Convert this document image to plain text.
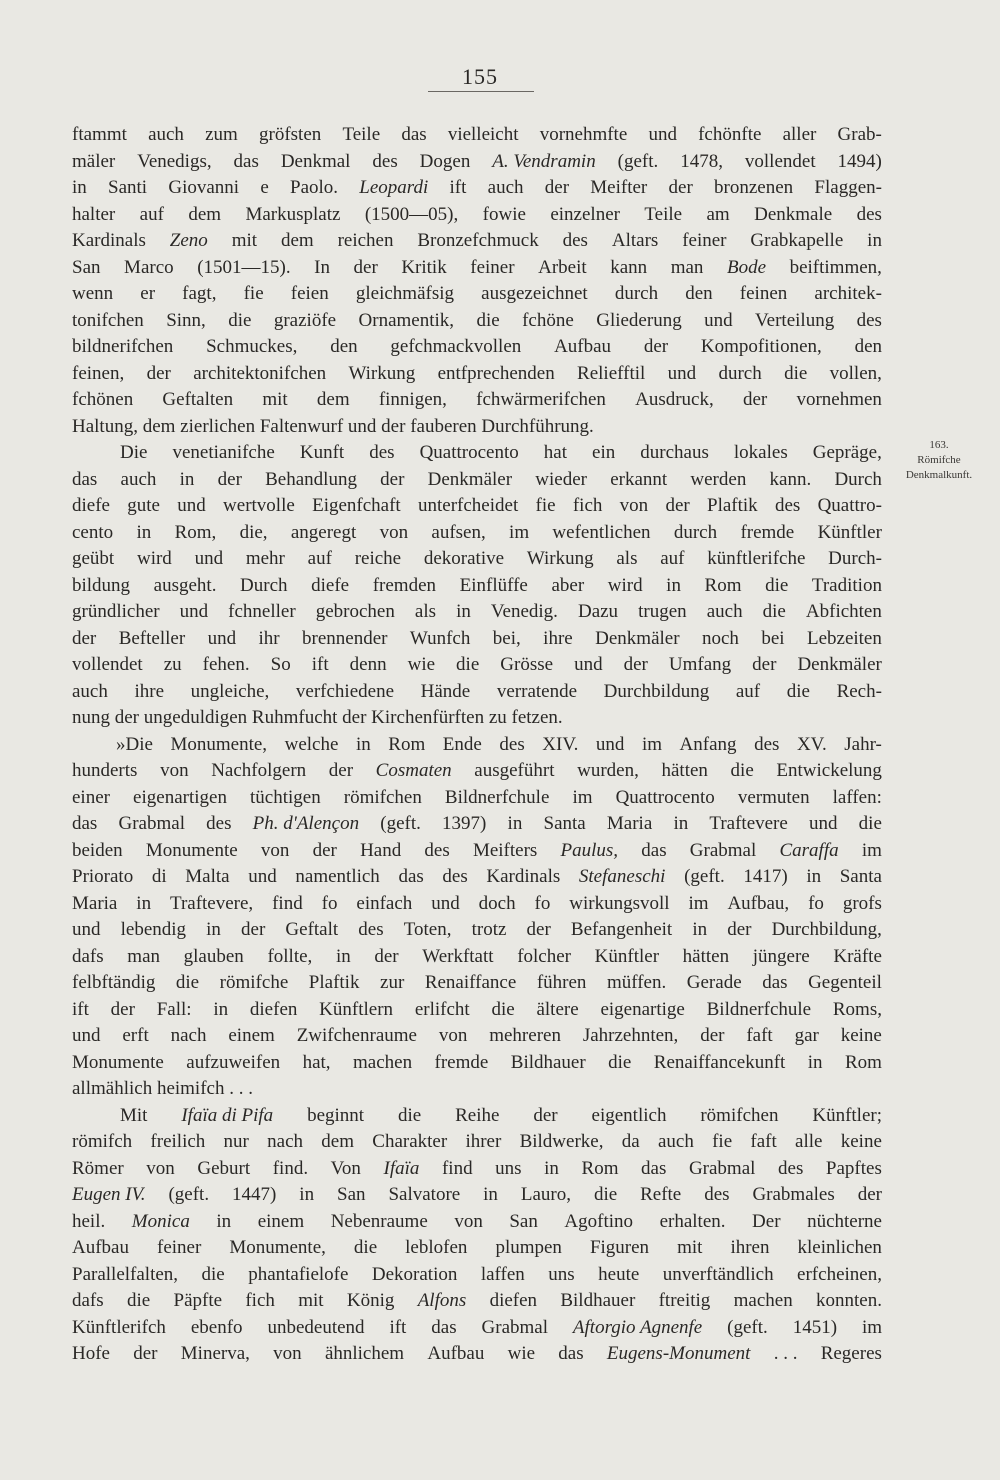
155
ftammt auch zum gröfsten Teile das vielleicht vornehmfte und fchönfte aller Grab-
mäler Venedigs, das Denkmal des Dogen A. Vendramin (geft. 1478, vollendet 1494)
in Santi Giovanni e Paolo. Leopardi ift auch der Meifter der bronzenen Flaggen-
halter auf dem Markusplatz (1500—05), fowie einzelner Teile am Denkmale des
Kardinals Zeno mit dem reichen Bronzefchmuck des Altars feiner Grabkapelle in
San Marco (1501—15). In der Kritik feiner Arbeit kann man Bode beiftimmen,
wenn er fagt, fie feien gleichmäfsig ausgezeichnet durch den feinen architek-
tonifchen Sinn, die graziöfe Ornamentik, die fchöne Gliederung und Verteilung des
bildnerifchen Schmuckes, den gefchmackvollen Aufbau der Kompofitionen, den
feinen, der architektonifchen Wirkung entfprechenden Reliefftil und durch die vollen,
fchönen Geftalten mit dem finnigen, fchwärmerifchen Ausdruck, der vornehmen
Haltung, dem zierlichen Faltenwurf und der fauberen Durchführung.
Die venetianifche Kunft des Quattrocento hat ein durchaus lokales Gepräge,
das auch in der Behandlung der Denkmäler wieder erkannt werden kann. Durch
diefe gute und wertvolle Eigenfchaft unterfcheidet fie fich von der Plaftik des Quattro-
cento in Rom, die, angeregt von aufsen, im wefentlichen durch fremde Künftler
geübt wird und mehr auf reiche dekorative Wirkung als auf künftlerifche Durch-
bildung ausgeht. Durch diefe fremden Einflüffe aber wird in Rom die Tradition
gründlicher und fchneller gebrochen als in Venedig. Dazu trugen auch die Abfichten
der Befteller und ihr brennender Wunfch bei, ihre Denkmäler noch bei Lebzeiten
vollendet zu fehen. So ift denn wie die Grösse und der Umfang der Denkmäler
auch ihre ungleiche, verfchiedene Hände verratende Durchbildung auf die Rech-
nung der ungeduldigen Ruhmfucht der Kirchenfürften zu fetzen.
»Die Monumente, welche in Rom Ende des XIV. und im Anfang des XV. Jahr-
hunderts von Nachfolgern der Cosmaten ausgeführt wurden, hätten die Entwickelung
einer eigenartigen tüchtigen römifchen Bildnerfchule im Quattrocento vermuten laffen:
das Grabmal des Ph. d'Alençon (geft. 1397) in Santa Maria in Traftevere und die
beiden Monumente von der Hand des Meifters Paulus, das Grabmal Caraffa im
Priorato di Malta und namentlich das des Kardinals Stefaneschi (geft. 1417) in Santa
Maria in Traftevere, find fo einfach und doch fo wirkungsvoll im Aufbau, fo grofs
und lebendig in der Geftalt des Toten, trotz der Befangenheit in der Durchbildung,
dafs man glauben follte, in der Werkftatt folcher Künftler hätten jüngere Kräfte
felbftändig die römifche Plaftik zur Renaiffance führen müffen. Gerade das Gegenteil
ift der Fall: in diefen Künftlern erlifcht die ältere eigenartige Bildnerfchule Roms,
und erft nach einem Zwifchenraume von mehreren Jahrzehnten, der faft gar keine
Monumente aufzuweifen hat, machen fremde Bildhauer die Renaiffancekunft in Rom
allmählich heimifch . . .
Mit Ifaïa di Pifa beginnt die Reihe der eigentlich römifchen Künftler;
römifch freilich nur nach dem Charakter ihrer Bildwerke, da auch fie faft alle keine
Römer von Geburt find. Von Ifaïa find uns in Rom das Grabmal des Papftes
Eugen IV. (geft. 1447) in San Salvatore in Lauro, die Refte des Grabmales der
heil. Monica in einem Nebenraume von San Agoftino erhalten. Der nüchterne
Aufbau feiner Monumente, die leblofen plumpen Figuren mit ihren kleinlichen
Parallelfalten, die phantafielofe Dekoration laffen uns heute unverftändlich erfcheinen,
dafs die Päpfte fich mit König Alfons diefen Bildhauer ftreitig machen konnten.
Künftlerifch ebenfo unbedeutend ift das Grabmal Aftorgio Agnenfe (geft. 1451) im
Hofe der Minerva, von ähnlichem Aufbau wie das Eugens-Monument . . . Regeres
163.
Römifche
Denkmalkunft.
